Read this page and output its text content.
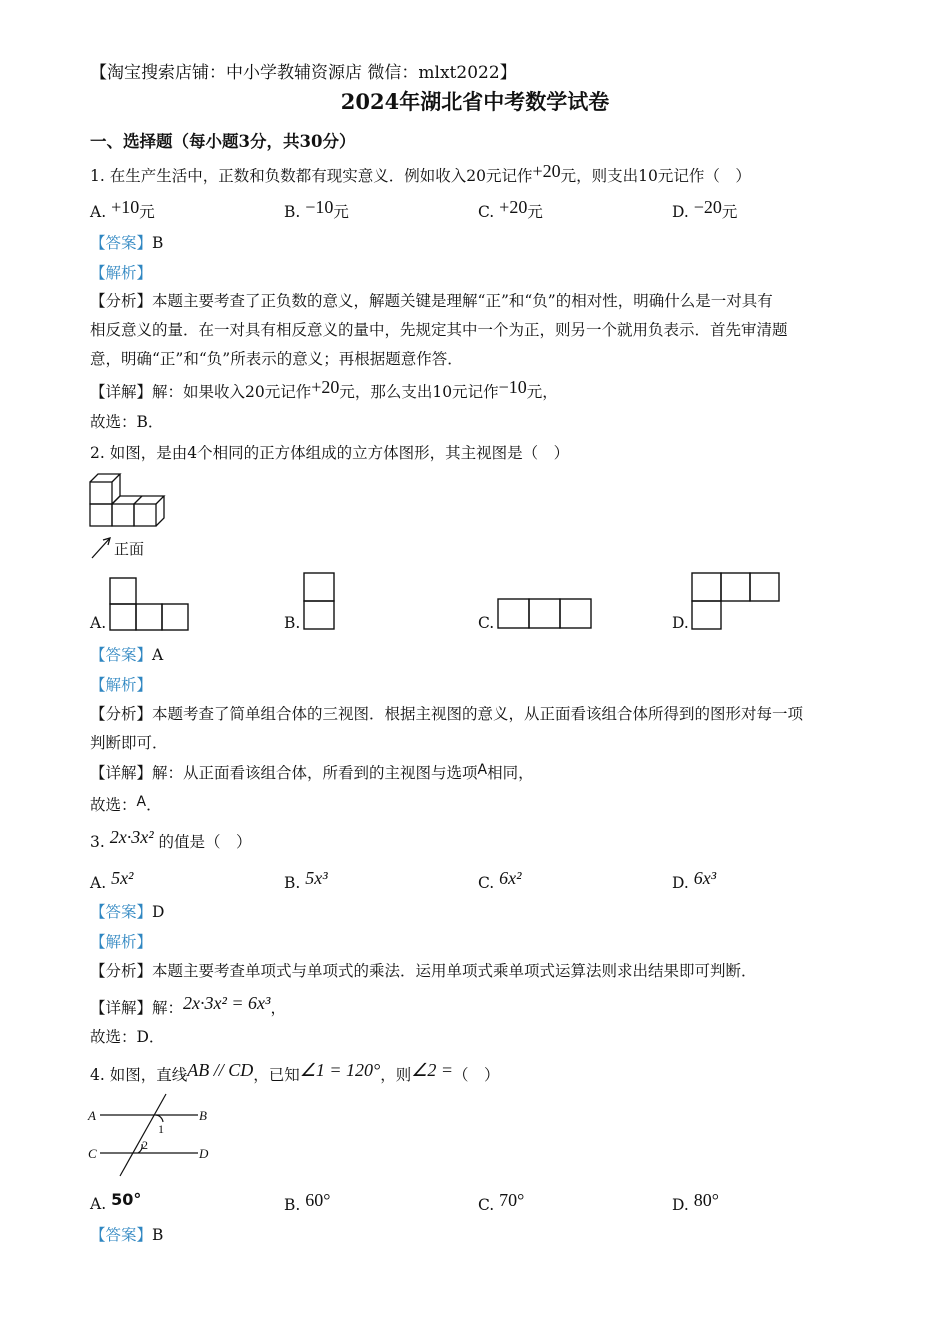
【淘宝搜索店铺：中小学教辅资源店 微信：mlxt2022】
2024年湖北省中考数学试卷
一、选择题（每小题3分，共30分）
1. 在生产生活中，正数和负数都有现实意义．例如收入20元记作+20元，则支出10元记作（　）
A. +10元	B. −10元	C. +20元	D. −20元
【答案】B
【解析】
【分析】本题主要考查了正负数的意义，解题关键是理解“正”和“负”的相对性，明确什么是一对具有
相反意义的量．在一对具有相反意义的量中，先规定其中一个为正，则另一个就用负表示．首先审清题
意，明确“正”和“负”所表示的意义；再根据题意作答．
【详解】解：如果收入20元记作+20元，那么支出10元记作−10元，
故选：B．
2. 如图，是由4个相同的正方体组成的立方体图形，其主视图是（　）
正面
A.	B.	C.	D.
【答案】A
【解析】
【分析】本题考查了简单组合体的三视图．根据主视图的意义，从正面看该组合体所得到的图形对每一项
判断即可．
【详解】解：从正面看该组合体，所看到的主视图与选项A相同，
故选：A．
3. 2x·3x² 的值是（　）
A. 5x²	B. 5x³	C. 6x²	D. 6x³
【答案】D
【解析】
【分析】本题主要考查单项式与单项式的乘法．运用单项式乘单项式运算法则求出结果即可判断．
【详解】解：2x·3x² = 6x³，
故选：D．
4. 如图，直线AB // CD，已知∠1 = 120°，则∠2 =（　）
A	B
C	D
1
2
A. 50°	B. 60°	C. 70°	D. 80°
【答案】B
